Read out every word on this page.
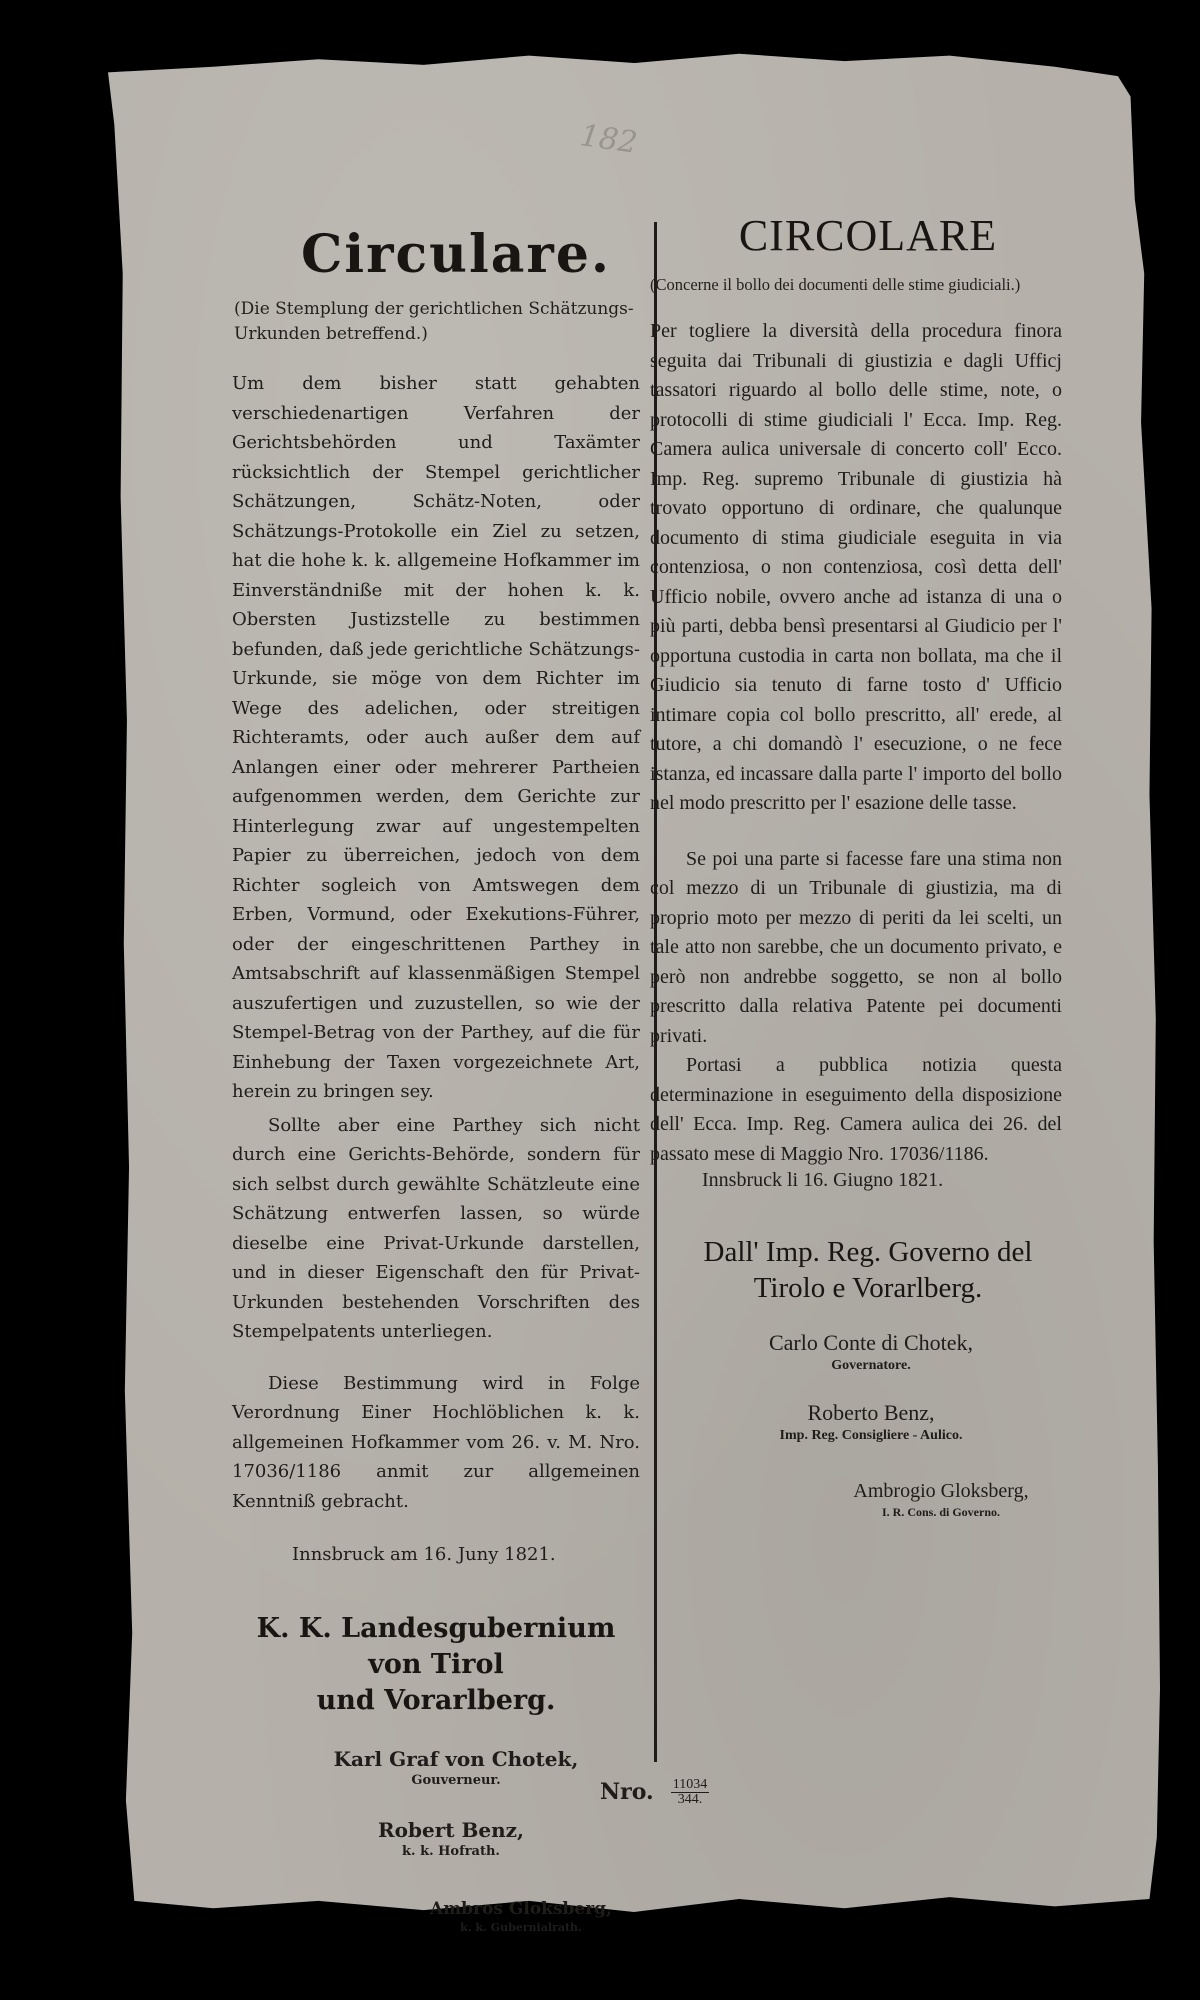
182
Circulare.
(Die Stemplung der gerichtlichen Schätzungs-Urkunden betreffend.)

Um dem bisher statt gehabten verschiedenartigen Verfahren der Gerichtsbehörden und Taxämter rücksichtlich der Stempel gerichtlicher Schätzungen, Schätz-Noten, oder Schätzungs-Protokolle ein Ziel zu setzen, hat die hohe k. k. allgemeine Hofkammer im Einverständniße mit der hohen k. k. Obersten Justizstelle zu bestimmen befunden, daß jede gerichtliche Schätzungs-Urkunde, sie möge von dem Richter im Wege des adelichen, oder streitigen Richteramts, oder auch außer dem auf Anlangen einer oder mehrerer Partheien aufgenommen werden, dem Gerichte zur Hinterlegung zwar auf ungestempelten Papier zu überreichen, jedoch von dem Richter sogleich von Amtswegen dem Erben, Vormund, oder Exekutions-Führer, oder der eingeschrittenen Parthey in Amtsabschrift auf klassenmäßigen Stempel auszufertigen und zuzustellen, so wie der Stempel-Betrag von der Parthey, auf die für Einhebung der Taxen vorgezeichnete Art, herein zu bringen sey.

Sollte aber eine Parthey sich nicht durch eine Gerichts-Behörde, sondern für sich selbst durch gewählte Schätzleute eine Schätzung entwerfen lassen, so würde dieselbe eine Privat-Urkunde darstellen, und in dieser Eigenschaft den für Privat-Urkunden bestehenden Vorschriften des Stempelpatents unterliegen.

Diese Bestimmung wird in Folge Verordnung Einer Hochlöblichen k. k. allgemeinen Hofkammer vom 26. v. M. Nro. 17036/1186 anmit zur allgemeinen Kenntniß gebracht.

Innsbruck am 16. Juny 1821.
K. K. Landesgubernium von Tirol
und Vorarlberg.
Karl Graf von Chotek,
Gouverneur.
Robert Benz,
k. k. Hofrath.
Ambros Gloksberg,
k. k. Gubernialrath.
CIRCOLARE
(Concerne il bollo dei documenti delle stime giudiciali.)

Per togliere la diversità della procedura finora seguita dai Tribunali di giustizia e dagli Ufficj tassatori riguardo al bollo delle stime, note, o protocolli di stime giudiciali l' Ecca. Imp. Reg. Camera aulica universale di concerto coll' Ecco. Imp. Reg. supremo Tribunale di giustizia hà trovato opportuno di ordinare, che qualunque documento di stima giudiciale eseguita in via contenziosa, o non contenziosa, così detta dell' Ufficio nobile, ovvero anche ad istanza di una o più parti, debba bensì presentarsi al Giudicio per l' opportuna custodia in carta non bollata, ma che il Giudicio sia tenuto di farne tosto d' Ufficio intimare copia col bollo prescritto, all' erede, al tutore, a chi domandò l' esecuzione, o ne fece istanza, ed incassare dalla parte l' importo del bollo nel modo prescritto per l' esazione delle tasse.

Se poi una parte si facesse fare una stima non col mezzo di un Tribunale di giustizia, ma di proprio moto per mezzo di periti da lei scelti, un tale atto non sarebbe, che un documento privato, e però non andrebbe soggetto, se non al bollo prescritto dalla relativa Patente pei documenti privati.

Portasi a pubblica notizia questa determinazione in eseguimento della disposizione dell' Ecca. Imp. Reg. Camera aulica dei 26. del passato mese di Maggio Nro. 17036/1186.

Innsbruck li 16. Giugno 1821.
Dall' Imp. Reg. Governo del
Tirolo e Vorarlberg.
Carlo Conte di Chotek,
Governatore.
Roberto Benz,
Imp. Reg. Consigliere - Aulico.
Ambrogio Gloksberg,
I. R. Cons. di Governo.
Nro. $\frac{11034}{344.}$
